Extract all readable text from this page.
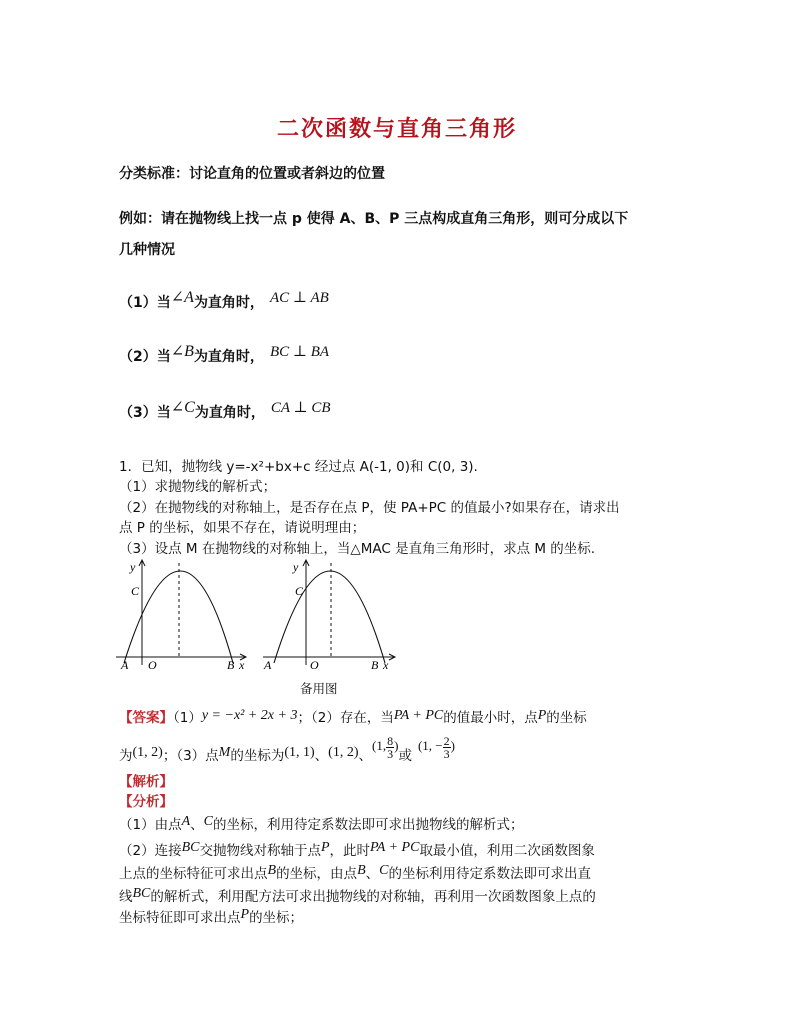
二次函数与直角三角形
分类标准：讨论直角的位置或者斜边的位置
例如：请在抛物线上找一点 p 使得 A、B、P 三点构成直角三角形，则可分成以下
几种情况
（1）当∠A为直角时， AC ⊥ AB
（2）当∠B为直角时， BC ⊥ BA
（3）当∠C为直角时， CA ⊥ CB
1．已知，抛物线 y=-x²+bx+c 经过点 A(-1, 0)和 C(0, 3).
（1）求抛物线的解析式；
（2）在抛物线的对称轴上，是否存在点 P，使 PA+PC 的值最小?如果存在，请求出
点 P 的坐标，如果不存在，请说明理由；
（3）设点 M 在抛物线的对称轴上，当△MAC 是直角三角形时，求点 M 的坐标.
y
C
A O	B x
y
C
A	O	B x
备用图
【答案】（1）y = −x² + 2x + 3；（2）存在，当PA + PC的值最小时，点P的坐标
为(1, 2)；（3）点M的坐标为(1, 1)、(1, 2)、(1, $\frac{8}{3}$ )或(1, − $\frac{2}{3}$ )
【解析】
【分析】
（1）由点A、C的坐标，利用待定系数法即可求出抛物线的解析式；
（2）连接BC交抛物线对称轴于点P，此时PA + PC取最小值，利用二次函数图象
上点的坐标特征可求出点B的坐标，由点B、C的坐标利用待定系数法即可求出直
线BC的解析式，利用配方法可求出抛物线的对称轴，再利用一次函数图象上点的
坐标特征即可求出点P的坐标；
